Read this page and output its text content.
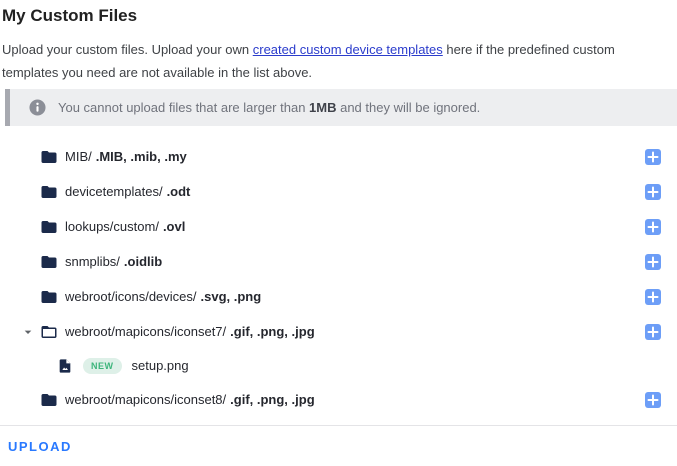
My Custom Files

Upload your custom files. Upload your own created custom device templates here if the predefined custom templates you need are not available in the list above.

You cannot upload files that are larger than 1MB and they will be ignored.
MIB/ .MIB, .mib, .my
devicetemplates/ .odt
lookups/custom/ .ovl
snmplibs/ .oidlib
webroot/icons/devices/ .svg, .png
webroot/mapicons/iconset7/ .gif, .png, .jpg
NEW	setup.png
webroot/mapicons/iconset8/ .gif, .png, .jpg
UPLOAD
